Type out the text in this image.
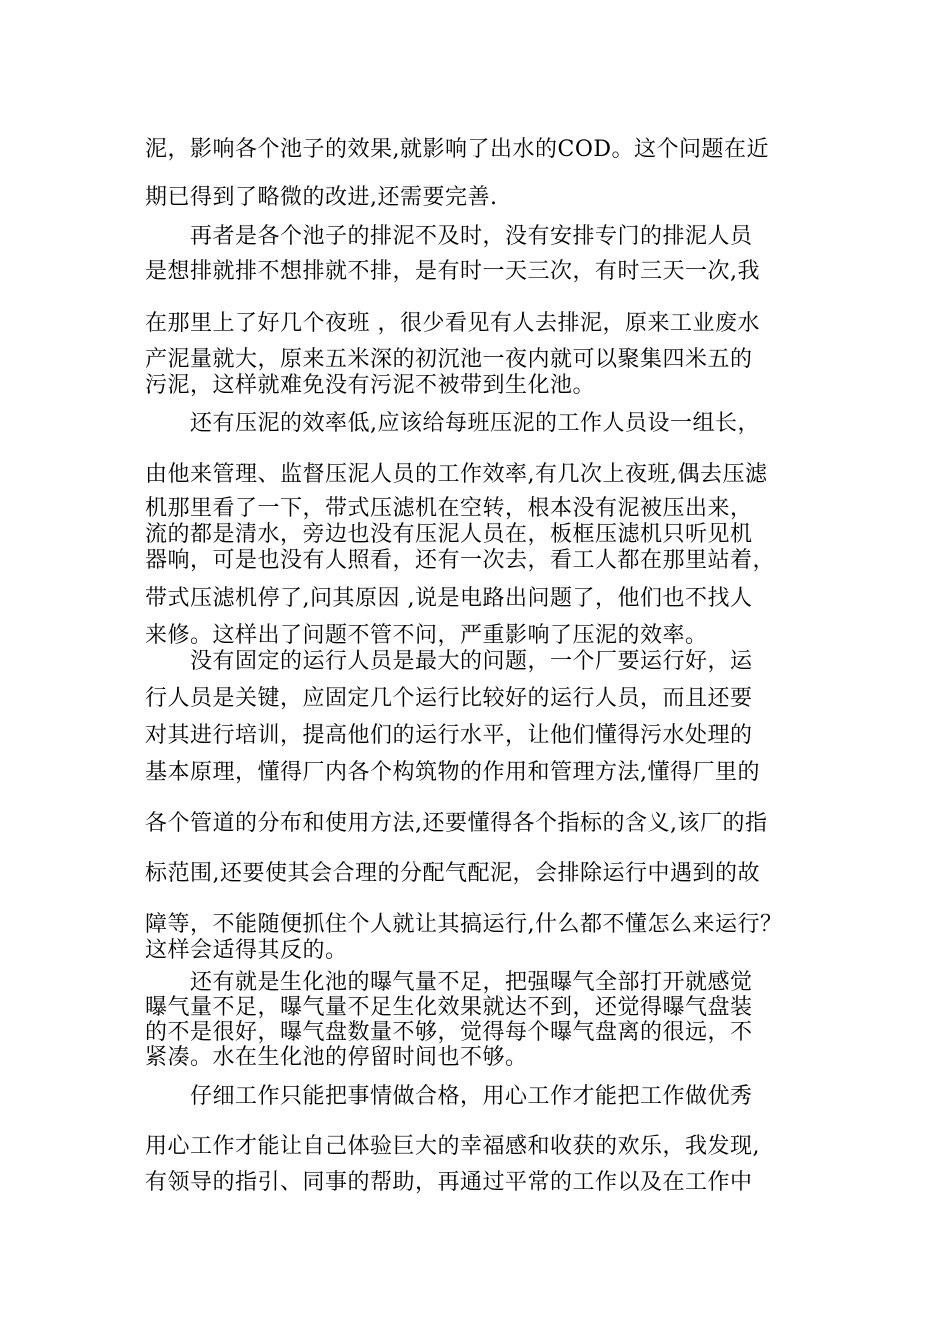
泥，影响各个池子的效果,就影响了出水的COD。这个问题在近
期已得到了略微的改进,还需要完善.
　　再者是各个池子的排泥不及时，没有安排专门的排泥人员
是想排就排不想排就不排，是有时一天三次，有时三天一次,我
在那里上了好几个夜班 ，很少看见有人去排泥，原来工业废水
产泥量就大，原来五米深的初沉池一夜内就可以聚集四米五的
污泥，这样就难免没有污泥不被带到生化池。
　　还有压泥的效率低,应该给每班压泥的工作人员设一组长，
由他来管理、监督压泥人员的工作效率,有几次上夜班,偶去压滤
机那里看了一下，带式压滤机在空转，根本没有泥被压出来，
流的都是清水，旁边也没有压泥人员在，板框压滤机只听见机
器响，可是也没有人照看，还有一次去，看工人都在那里站着，
带式压滤机停了,问其原因 ,说是电路出问题了，他们也不找人
来修。这样出了问题不管不问，严重影响了压泥的效率。
　　没有固定的运行人员是最大的问题，一个厂要运行好，运
行人员是关键，应固定几个运行比较好的运行人员，而且还要
对其进行培训，提高他们的运行水平，让他们懂得污水处理的
基本原理，懂得厂内各个构筑物的作用和管理方法,懂得厂里的
各个管道的分布和使用方法,还要懂得各个指标的含义,该厂的指
标范围,还要使其会合理的分配气配泥，会排除运行中遇到的故
障等，不能随便抓住个人就让其搞运行,什么都不懂怎么来运行？
这样会适得其反的。
　　还有就是生化池的曝气量不足，把强曝气全部打开就感觉
曝气量不足，曝气量不足生化效果就达不到，还觉得曝气盘装
的不是很好，曝气盘数量不够，觉得每个曝气盘离的很远，不
紧凑。水在生化池的停留时间也不够。
　　仔细工作只能把事情做合格，用心工作才能把工作做优秀
用心工作才能让自己体验巨大的幸福感和收获的欢乐，我发现,
有领导的指引、同事的帮助，再通过平常的工作以及在工作中
